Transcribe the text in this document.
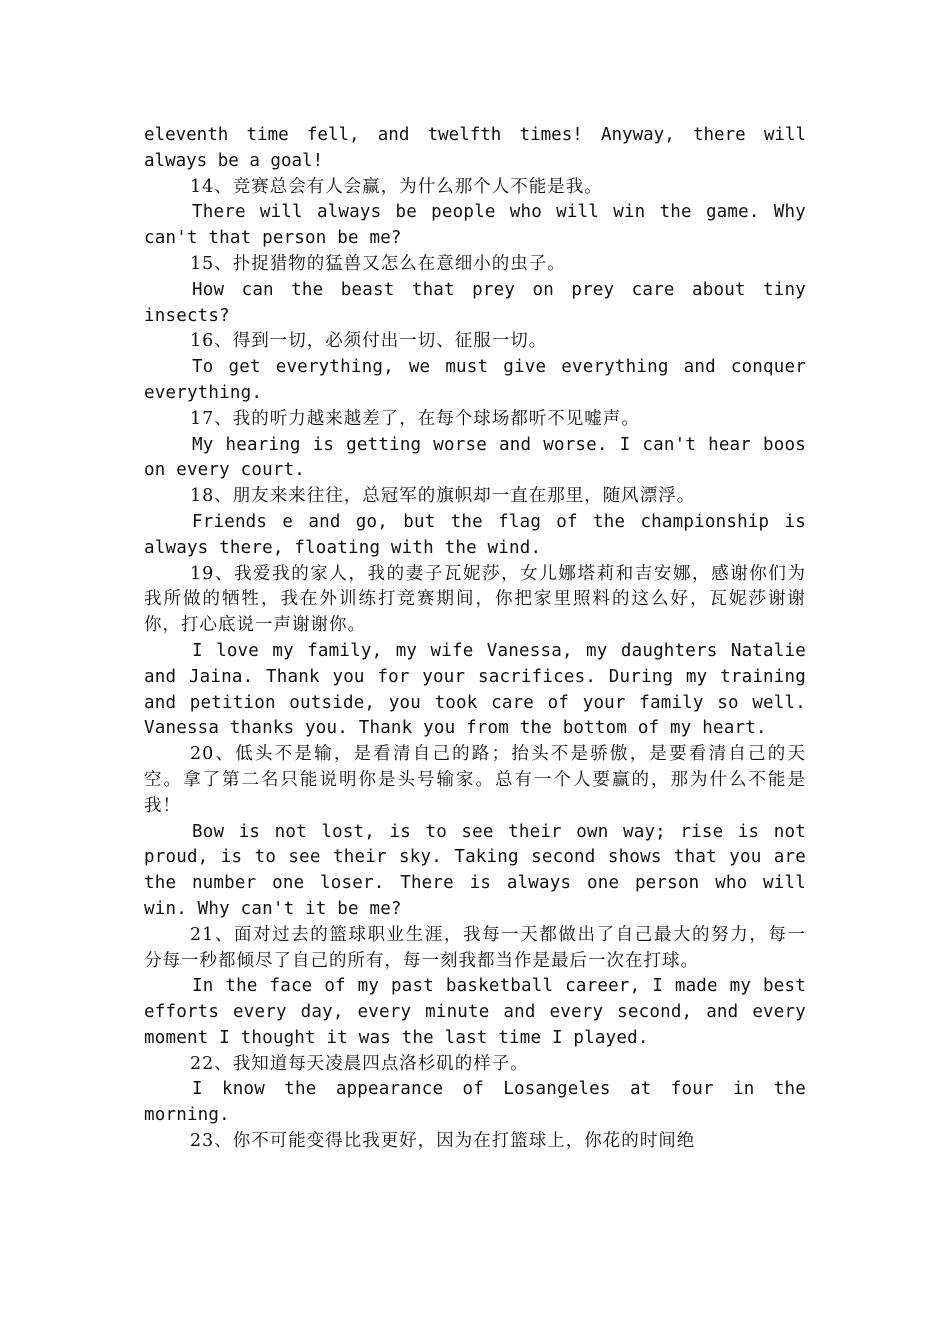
eleventh time fell, and twelfth times! Anyway, there will always be a goal!

14、竞赛总会有人会赢，为什么那个人不能是我。

There will always be people who will win the game. Why can't that person be me?

15、扑捉猎物的猛兽又怎么在意细小的虫子。

How can the beast that prey on prey care about tiny insects?

16、得到一切，必须付出一切、征服一切。

To get everything, we must give everything and conquer everything.

17、我的听力越来越差了，在每个球场都听不见嘘声。

My hearing is getting worse and worse. I can't hear boos on every court.

18、朋友来来往往，总冠军的旗帜却一直在那里，随风漂浮。

Friends e and go, but the flag of the championship is always there, floating with the wind.

19、我爱我的家人，我的妻子瓦妮莎，女儿娜塔莉和吉安娜，感谢你们为我所做的牺牲，我在外训练打竞赛期间，你把家里照料的这么好，瓦妮莎谢谢你，打心底说一声谢谢你。

I love my family, my wife Vanessa, my daughters Natalie and Jaina. Thank you for your sacrifices. During my training and petition outside, you took care of your family so well. Vanessa thanks you. Thank you from the bottom of my heart.

20、低头不是输，是看清自己的路；抬头不是骄傲，是要看清自己的天空。拿了第二名只能说明你是头号输家。总有一个人要赢的，那为什么不能是我！

Bow is not lost, is to see their own way; rise is not proud, is to see their sky. Taking second shows that you are the number one loser. There is always one person who will win. Why can't it be me?

21、面对过去的篮球职业生涯，我每一天都做出了自己最大的努力，每一分每一秒都倾尽了自己的所有，每一刻我都当作是最后一次在打球。

In the face of my past basketball career, I made my best efforts every day, every minute and every second, and every moment I thought it was the last time I played.

22、我知道每天凌晨四点洛杉矶的样子。

I know the appearance of Losangeles at four in the morning.

23、你不可能变得比我更好，因为在打篮球上，你花的时间绝
